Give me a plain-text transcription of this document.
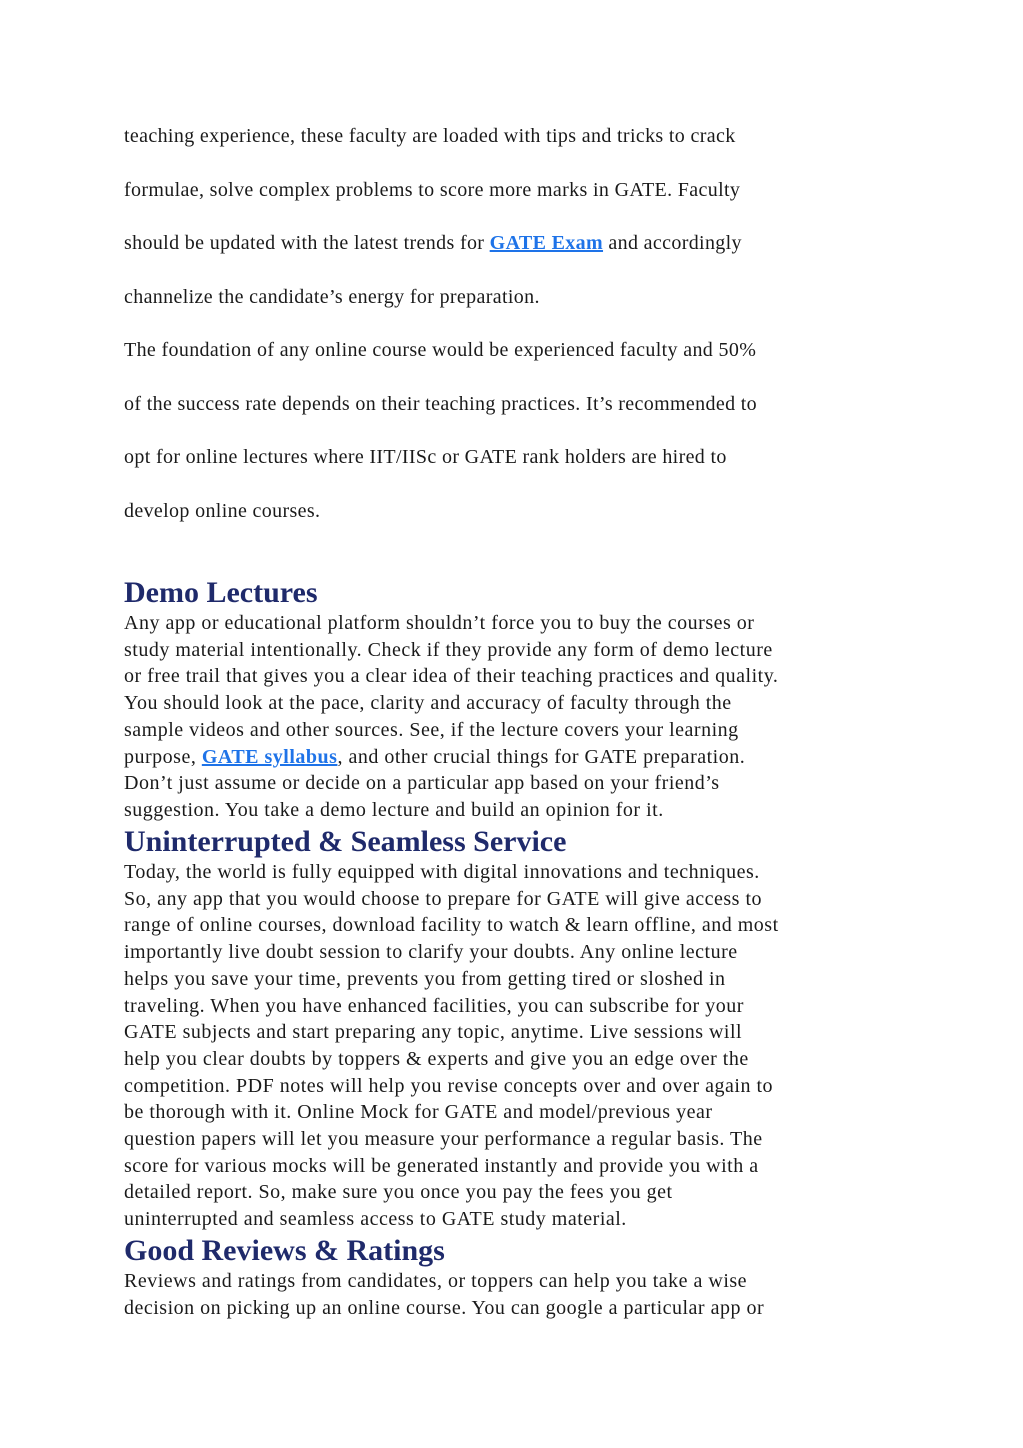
teaching experience, these faculty are loaded with tips and tricks to crack
formulae, solve complex problems to score more marks in GATE. Faculty
should be updated with the latest trends for GATE Exam and accordingly
channelize the candidate’s energy for preparation.
The foundation of any online course would be experienced faculty and 50%
of the success rate depends on their teaching practices. It’s recommended to
opt for online lectures where IIT/IISc or GATE rank holders are hired to
develop online courses.
Demo Lectures
Any app or educational platform shouldn’t force you to buy the courses or
study material intentionally. Check if they provide any form of demo lecture
or free trail that gives you a clear idea of their teaching practices and quality.
You should look at the pace, clarity and accuracy of faculty through the
sample videos and other sources. See, if the lecture covers your learning
purpose, GATE syllabus, and other crucial things for GATE preparation.
Don’t just assume or decide on a particular app based on your friend’s
suggestion. You take a demo lecture and build an opinion for it.
Uninterrupted & Seamless Service
Today, the world is fully equipped with digital innovations and techniques.
So, any app that you would choose to prepare for GATE will give access to
range of online courses, download facility to watch & learn offline, and most
importantly live doubt session to clarify your doubts. Any online lecture
helps you save your time, prevents you from getting tired or sloshed in
traveling. When you have enhanced facilities, you can subscribe for your
GATE subjects and start preparing any topic, anytime. Live sessions will
help you clear doubts by toppers & experts and give you an edge over the
competition. PDF notes will help you revise concepts over and over again to
be thorough with it. Online Mock for GATE and model/previous year
question papers will let you measure your performance a regular basis. The
score for various mocks will be generated instantly and provide you with a
detailed report. So, make sure you once you pay the fees you get
uninterrupted and seamless access to GATE study material.
Good Reviews & Ratings
Reviews and ratings from candidates, or toppers can help you take a wise
decision on picking up an online course. You can google a particular app or
